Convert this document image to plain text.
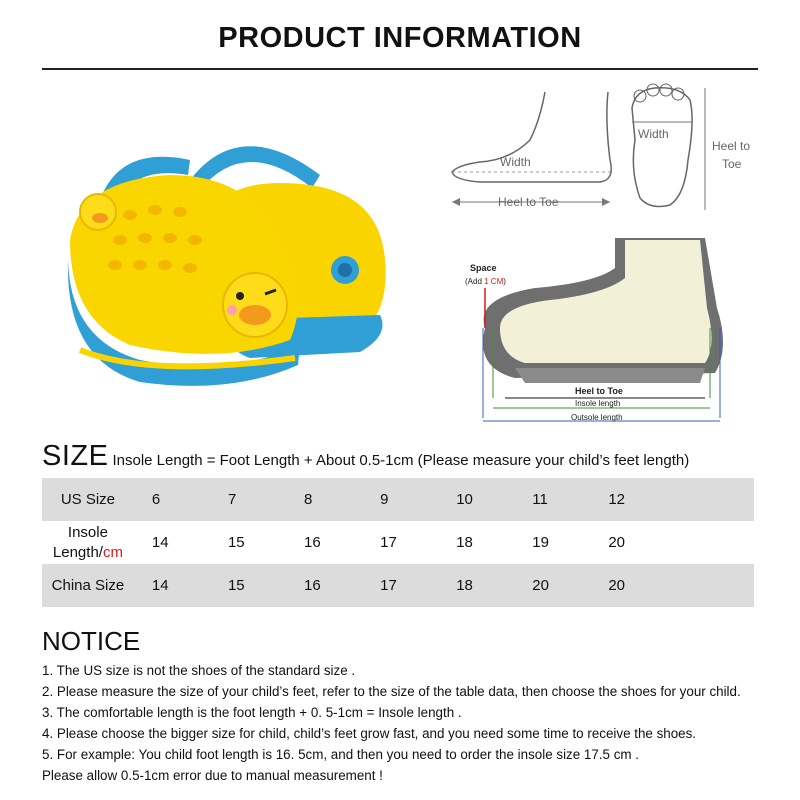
PRODUCT INFORMATION
Width
Heel to Toe
Width
Heel to
Toe
Space
(Add 1 CM)
Heel to Toe
Insole length
Outsole length
SIZE Insole Length = Foot Length + About 0.5-1cm (Please measure your child’s feet length)
US Size	6	7	8	9	10	11	12	
Insole
Length/cm	14	15	16	17	18	19	20	
China Size	14	15	16	17	18	20	20	
NOTICE
1. The US size is not the shoes of the standard size .
2. Please measure the size of your child’s feet, refer to the size of the table data, then choose the shoes for your child.
3. The comfortable length is the foot length + 0. 5-1cm = Insole length .
4. Please choose the bigger size for child, child’s feet grow fast, and you need some time to receive the shoes.
5. For example: You child foot length is 16. 5cm, and then you need to order the insole size 17.5 cm .
Please allow 0.5-1cm error due to manual measurement !
